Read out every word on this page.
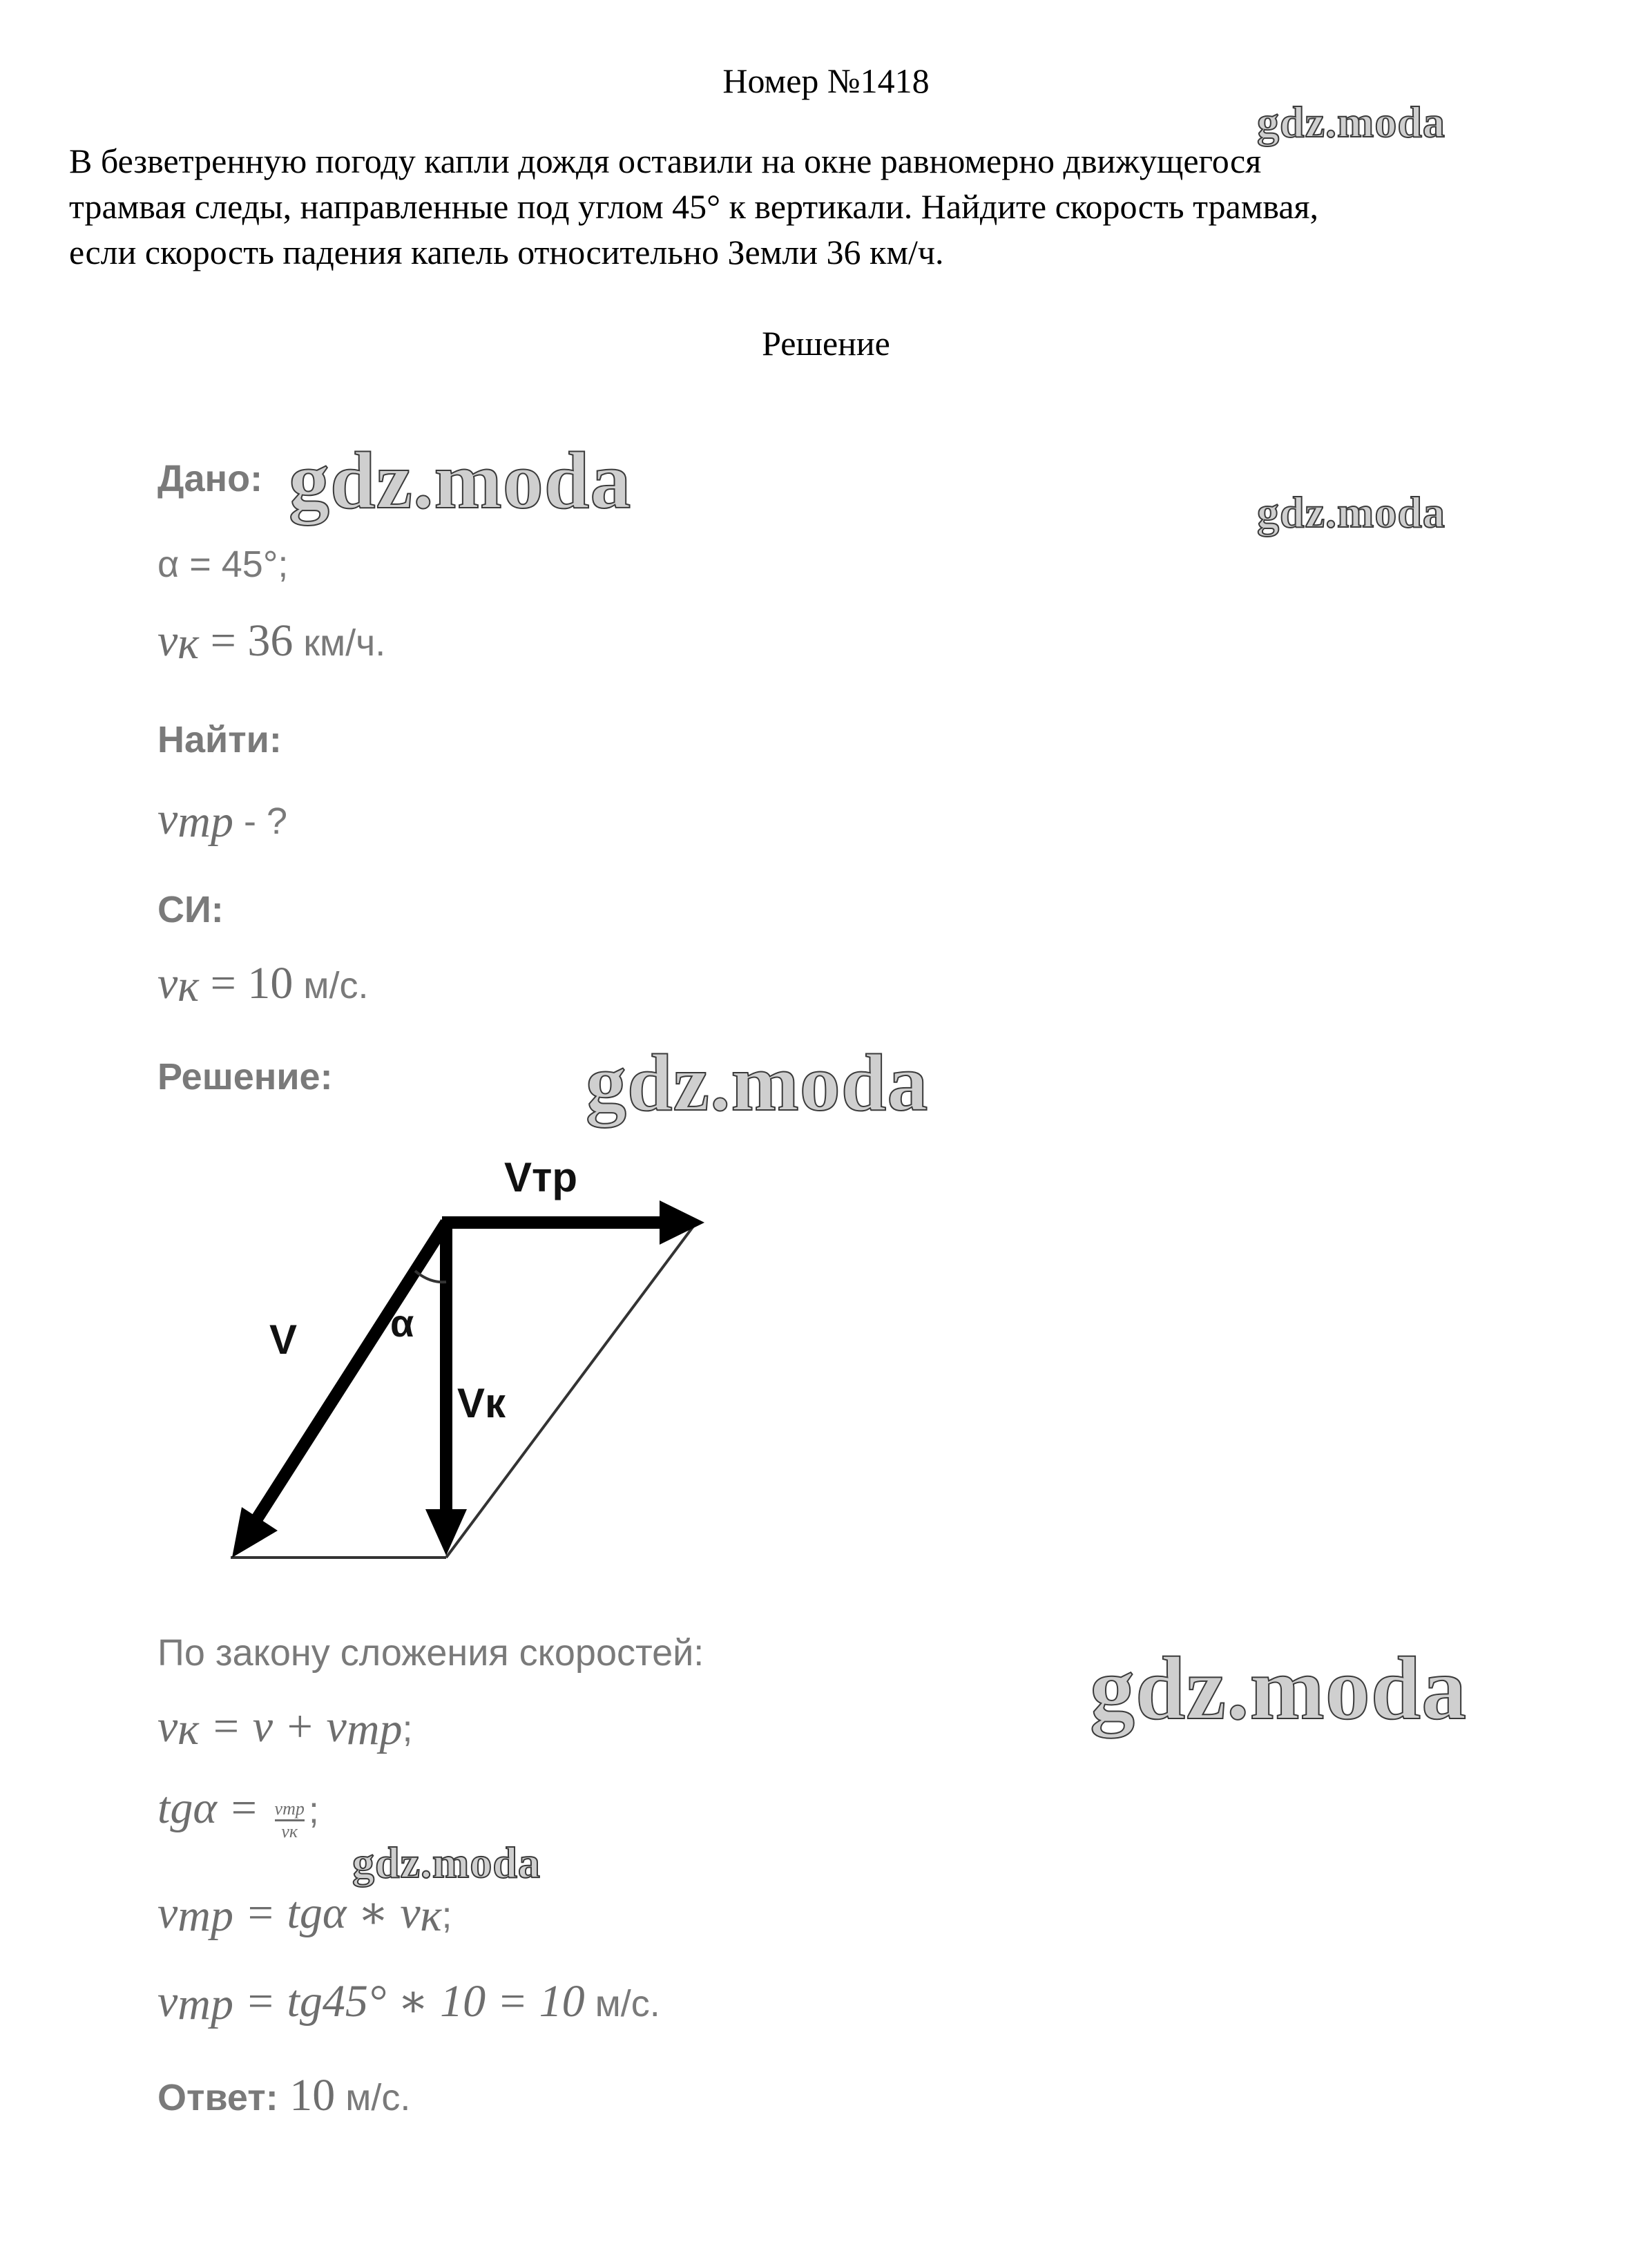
Номер №1418
В безветренную погоду капли дождя оставили на окне равномерно движущегося
трамвая следы, направленные под углом 45° к вертикали. Найдите скорость трамвая,
если скорость падения капель относительно Земли 36 км/ч.
Решение
Дано:
α = 45°;
$v_к = 36$ км/ч.
Найти:
$v_{тр}$ - ?
СИ:
$v_к = 10$ м/с.
Решение:
Vтр
V α
Vк
По закону сложения скоростей:
$v_к = v + v_{тр}$;
$tg\alpha = \frac{\text{vтр}}{vк}$ ;
$v_{тр} = tg\alpha$ ∗ $v_к$;
$v_{тр} = tg45^\circ$ ∗ 10 = 10 м/с.
Ответ: 10 м/с.
gdz.moda
gdz.moda	gdz.moda
gdz.moda
gdz.moda
gdz.moda
